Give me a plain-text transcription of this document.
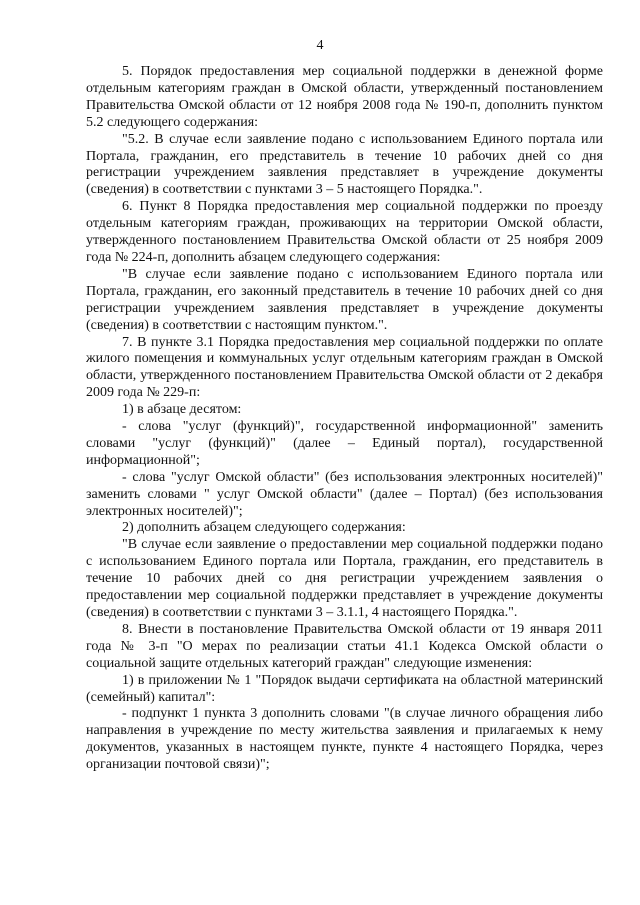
4

5. Порядок предоставления мер социальной поддержки в денежной форме отдельным категориям граждан в Омской области, утвержденный постановлением Правительства Омской области от 12 ноября 2008 года № 190-п, дополнить пунктом 5.2 следующего содержания:

"5.2. В случае если заявление подано с использованием Единого портала или Портала, гражданин, его представитель в течение 10 рабочих дней со дня регистрации учреждением заявления представляет в учреждение документы (сведения) в соответствии с пунктами 3 – 5 настоящего Порядка.".

6. Пункт 8 Порядка предоставления мер социальной поддержки по проезду отдельным категориям граждан, проживающих на территории Омской области, утвержденного постановлением Правительства Омской области от 25 ноября 2009 года № 224-п, дополнить абзацем следующего содержания:

"В случае если заявление подано с использованием Единого портала или Портала, гражданин, его законный представитель в течение 10 рабочих дней со дня регистрации учреждением заявления представляет в учреждение документы (сведения) в соответствии с настоящим пунктом.".

7. В пункте 3.1 Порядка предоставления мер социальной поддержки по оплате жилого помещения и коммунальных услуг отдельным категориям граждан в Омской области, утвержденного постановлением Правительства Омской области от 2 декабря 2009 года № 229-п:

1) в абзаце десятом:

- слова "услуг (функций)", государственной информационной" заменить словами "услуг (функций)" (далее – Единый портал), государственной информационной";

- слова "услуг Омской области" (без использования электронных носителей)" заменить словами " услуг Омской области" (далее – Портал) (без использования электронных носителей)";

2) дополнить абзацем следующего содержания:

"В случае если заявление о предоставлении мер социальной поддержки подано с использованием Единого портала или Портала, гражданин, его представитель в течение 10 рабочих дней со дня регистрации учреждением заявления о предоставлении мер социальной поддержки представляет в учреждение документы (сведения) в соответствии с пунктами 3 – 3.1.1, 4 настоящего Порядка.".

8. Внести в постановление Правительства Омской области от 19 января 2011 года № 3-п "О мерах по реализации статьи 41.1 Кодекса Омской области о социальной защите отдельных категорий граждан" следующие изменения:

1) в приложении № 1 "Порядок выдачи сертификата на областной материнский (семейный) капитал":

- подпункт 1 пункта 3 дополнить словами "(в случае личного обращения либо направления в учреждение по месту жительства заявления и прилагаемых к нему документов, указанных в настоящем пункте, пункте 4 настоящего Порядка, через организации почтовой связи)";
